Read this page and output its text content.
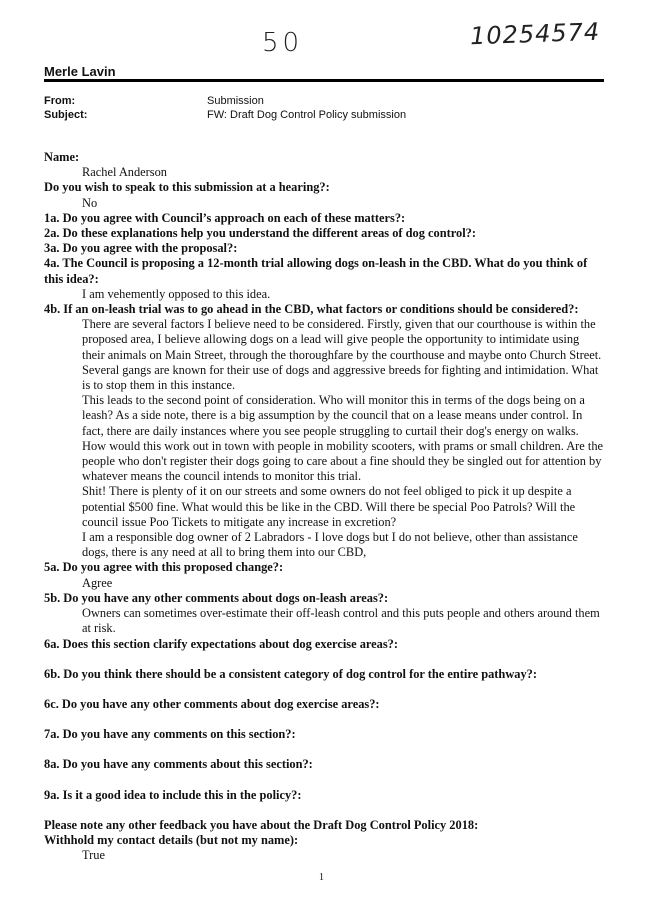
50	10254574
Merle Lavin
From:	Submission
Subject:	FW: Draft Dog Control Policy submission

Name:

Rachel Anderson

Do you wish to speak to this submission at a hearing?:

No

1a. Do you agree with Council’s approach on each of these matters?:

2a. Do these explanations help you understand the different areas of dog control?:

3a. Do you agree with the proposal?:

4a. The Council is proposing a 12-month trial allowing dogs on-leash in the CBD. What do you think of this idea?:

I am vehemently opposed to this idea.

4b. If an on-leash trial was to go ahead in the CBD, what factors or conditions should be considered?:

There are several factors I believe need to be considered. Firstly, given that our courthouse is within the proposed area, I believe allowing dogs on a lead will give people the opportunity to intimidate using their animals on Main Street, through the thoroughfare by the courthouse and maybe onto Church Street. Several gangs are known for their use of dogs and aggressive breeds for fighting and intimidation. What is to stop them in this instance.

This leads to the second point of consideration. Who will monitor this in terms of the dogs being on a leash? As a side note, there is a big assumption by the council that on a lease means under control. In fact, there are daily instances where you see people struggling to curtail their dog's energy on walks. How would this work out in town with people in mobility scooters, with prams or small children. Are the people who don't register their dogs going to care about a fine should they be singled out for attention by whatever means the council intends to monitor this trial.

Shit! There is plenty of it on our streets and some owners do not feel obliged to pick it up despite a potential $500 fine. What would this be like in the CBD. Will there be special Poo Patrols? Will the council issue Poo Tickets to mitigate any increase in excretion?

I am a responsible dog owner of 2 Labradors - I love dogs but I do not believe, other than assistance dogs, there is any need at all to bring them into our CBD,

5a. Do you agree with this proposed change?:

Agree

5b. Do you have any other comments about dogs on-leash areas?:

Owners can sometimes over-estimate their off-leash control and this puts people and others around them at risk.

6a. Does this section clarify expectations about dog exercise areas?:

6b. Do you think there should be a consistent category of dog control for the entire pathway?:

6c. Do you have any other comments about dog exercise areas?:

7a. Do you have any comments on this section?:

8a. Do you have any comments about this section?:

9a. Is it a good idea to include this in the policy?:

Please note any other feedback you have about the Draft Dog Control Policy 2018:

Withhold my contact details (but not my name):

True

1
